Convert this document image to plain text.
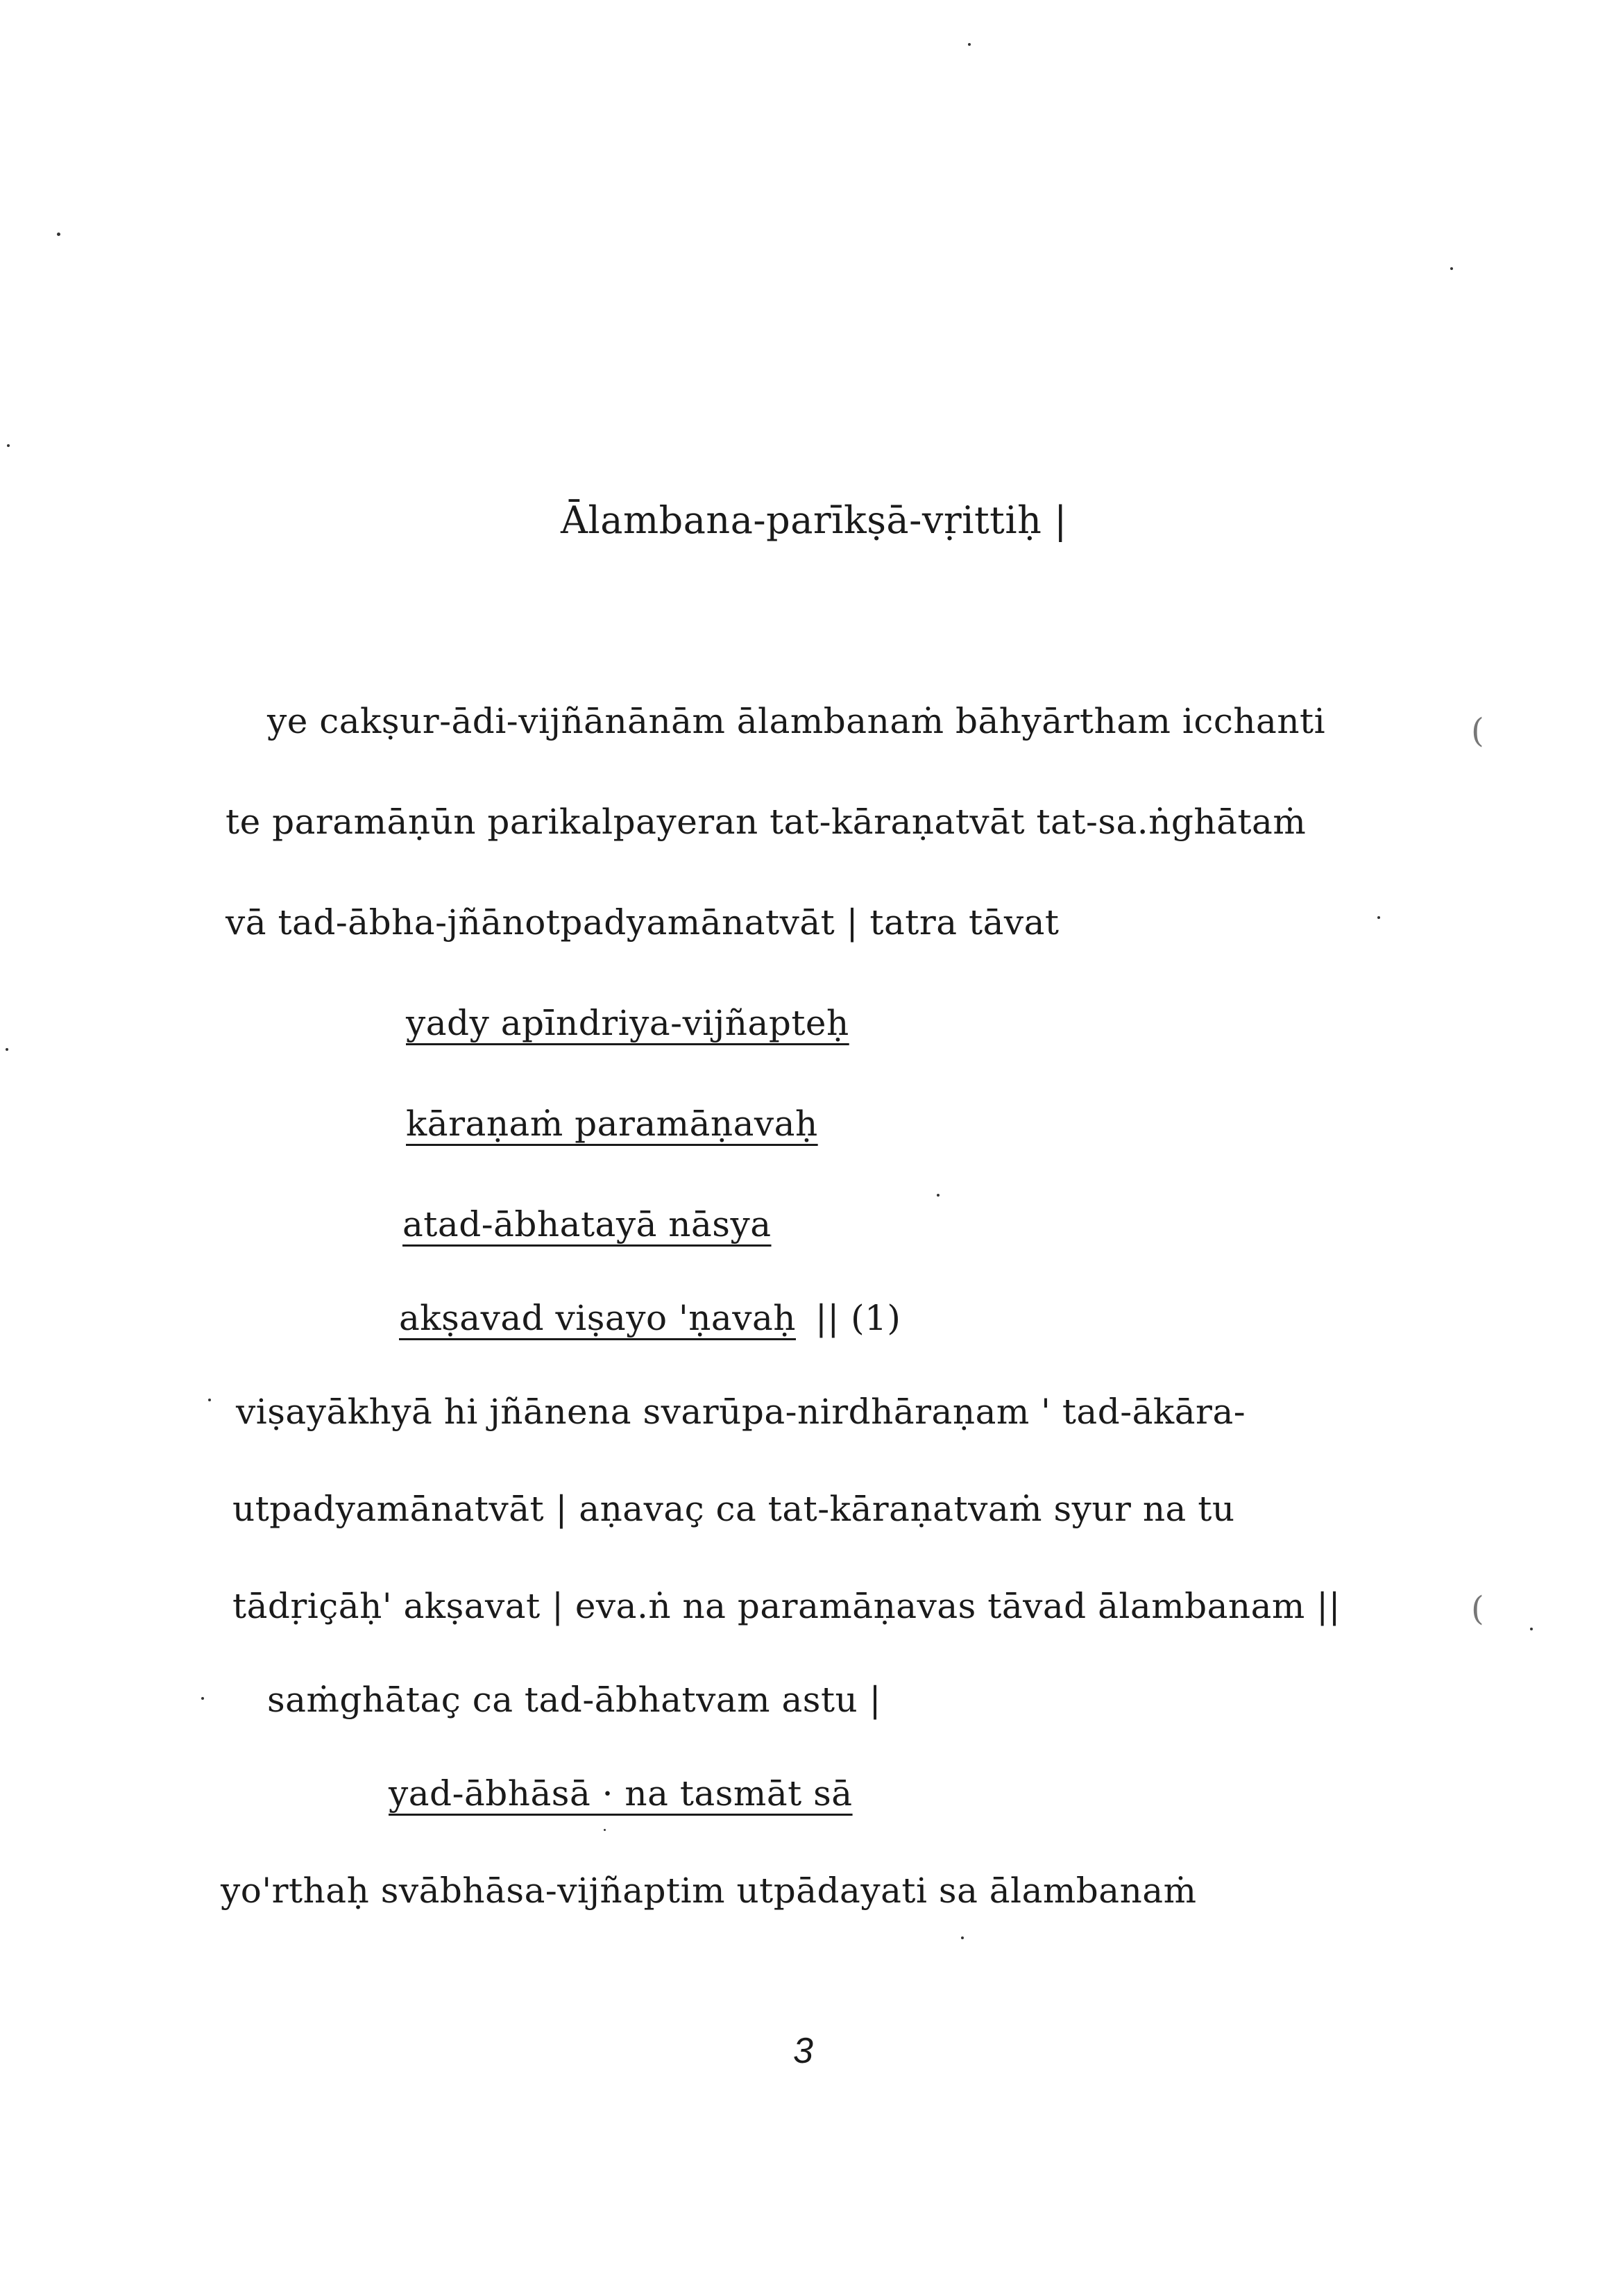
Ālambana-parīkṣā-vṛittiḥ |
ye cakṣur-ādi-vijñānānām ālambanaṁ bāhyārtham icchanti
te paramāṇūn parikalpayeran tat-kāraṇatvāt tat-sa.ṅghātaṁ
vā tad-ābha-jñānotpadyamānatvāt | tatra tāvat
yady apīndriya-vijñapteḥ
kāraṇaṁ paramāṇavaḥ
atad-ābhatayā nāsya
akṣavad viṣayo 'ṇavaḥ || (1)
viṣayākhyā hi jñānena svarūpa-nirdhāraṇam ' tad-ākāra-
utpadyamānatvāt | aṇavaç ca tat-kāraṇatvaṁ syur na tu
tādṛiçāḥ' akṣavat | eva.ṅ na paramāṇavas tāvad ālambanam ||
saṁghātaç ca tad-ābhatvam astu |
yad-ābhāsā · na tasmāt sā
yo'rthaḥ svābhāsa-vijñaptim utpādayati sa ālambanaṁ
3
(
(
